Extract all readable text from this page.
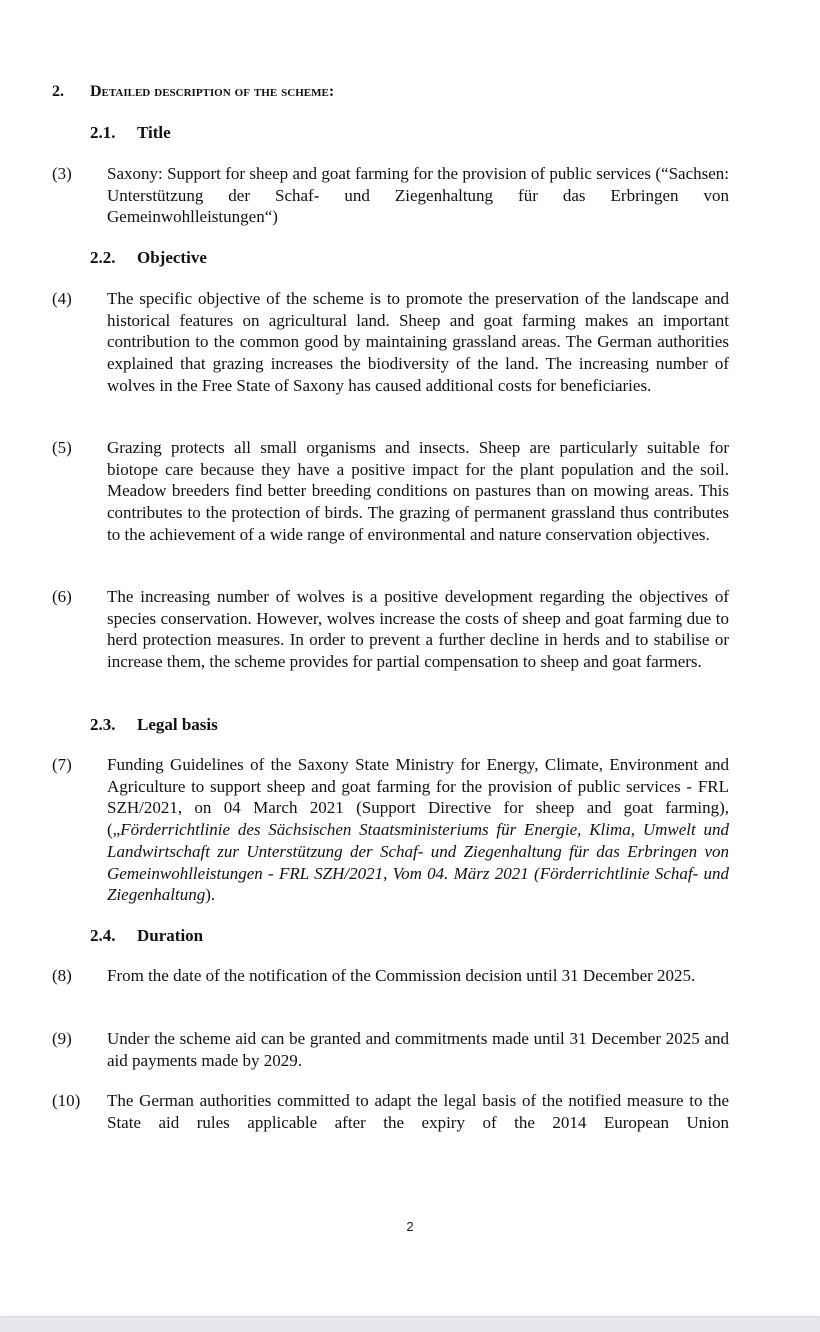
2. Detailed description of the scheme:
2.1. Title
(3) Saxony: Support for sheep and goat farming for the provision of public services (“Sachsen: Unterstützung der Schaf- und Ziegenhaltung für das Erbringen von Gemeinwohlleistungen“)
2.2. Objective
(4) The specific objective of the scheme is to promote the preservation of the landscape and historical features on agricultural land. Sheep and goat farming makes an important contribution to the common good by maintaining grassland areas. The German authorities explained that grazing increases the biodiversity of the land. The increasing number of wolves in the Free State of Saxony has caused additional costs for beneficiaries.
(5) Grazing protects all small organisms and insects. Sheep are particularly suitable for biotope care because they have a positive impact for the plant population and the soil. Meadow breeders find better breeding conditions on pastures than on mowing areas. This contributes to the protection of birds. The grazing of permanent grassland thus contributes to the achievement of a wide range of environmental and nature conservation objectives.
(6) The increasing number of wolves is a positive development regarding the objectives of species conservation. However, wolves increase the costs of sheep and goat farming due to herd protection measures. In order to prevent a further decline in herds and to stabilise or increase them, the scheme provides for partial compensation to sheep and goat farmers.
2.3. Legal basis
(7) Funding Guidelines of the Saxony State Ministry for Energy, Climate, Environment and Agriculture to support sheep and goat farming for the provision of public services - FRL SZH/2021, on 04 March 2021 (Support Directive for sheep and goat farming), („Förderrichtlinie des Sächsischen Staatsministeriums für Energie, Klima, Umwelt und Landwirtschaft zur Unterstützung der Schaf- und Ziegenhaltung für das Erbringen von Gemeinwohlleistungen - FRL SZH/2021, Vom 04. März 2021 (Förderrichtlinie Schaf- und Ziegenhaltung).
2.4. Duration
(8) From the date of the notification of the Commission decision until 31 December 2025.
(9) Under the scheme aid can be granted and commitments made until 31 December 2025 and aid payments made by 2029.
(10) The German authorities committed to adapt the legal basis of the notified measure to the State aid rules applicable after the expiry of the 2014 European Union
2
